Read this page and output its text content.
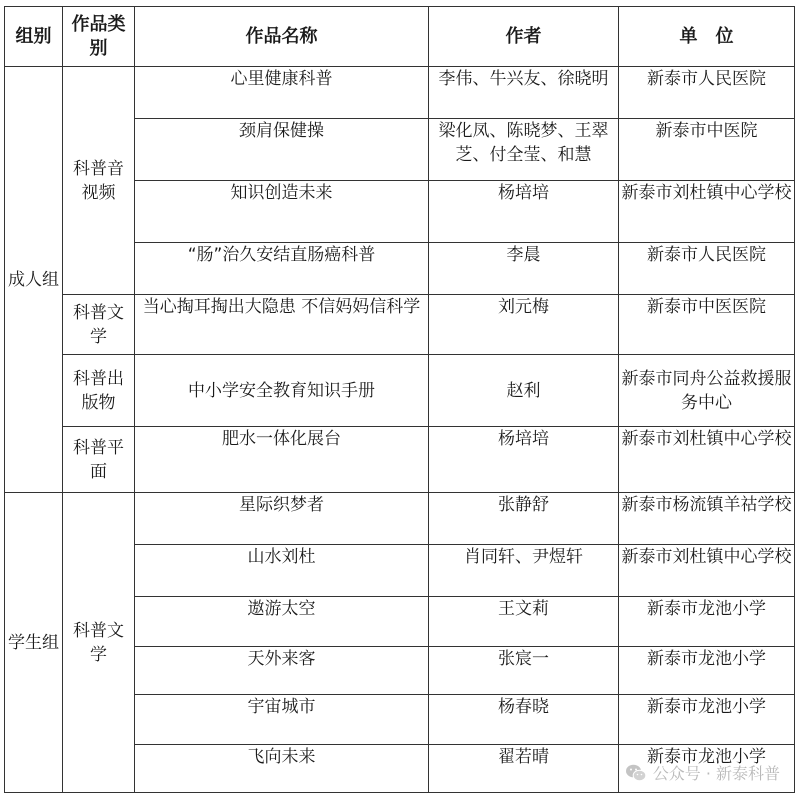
组别	作品类别	作品名称	作者	单　位
成人组	科普音视频	心里健康科普	李伟、牛兴友、徐晓明	新泰市人民医院
		颈肩保健操	梁化凤、陈晓梦、王翠芝、付全莹、和慧	新泰市中医院
		知识创造未来	杨培培	新泰市刘杜镇中心学校
		“肠”治久安结直肠癌科普	李晨	新泰市人民医院
	科普文学	当心掏耳掏出大隐患 不信妈妈信科学	刘元梅	新泰市中医医院
	科普出版物	中小学安全教育知识手册	赵利	新泰市同舟公益救援服务中心
	科普平面	肥水一体化展台	杨培培	新泰市刘杜镇中心学校
学生组	科普文学	星际织梦者	张静舒	新泰市杨流镇羊祜学校
		山水刘杜	肖同轩、尹煜轩	新泰市刘杜镇中心学校
		遨游太空	王文莉	新泰市龙池小学
		天外来客	张宸一	新泰市龙池小学
		宇宙城市	杨春晓	新泰市龙池小学
		飞向未来	翟若晴	新泰市龙池小学
公众号 · 新泰科普
